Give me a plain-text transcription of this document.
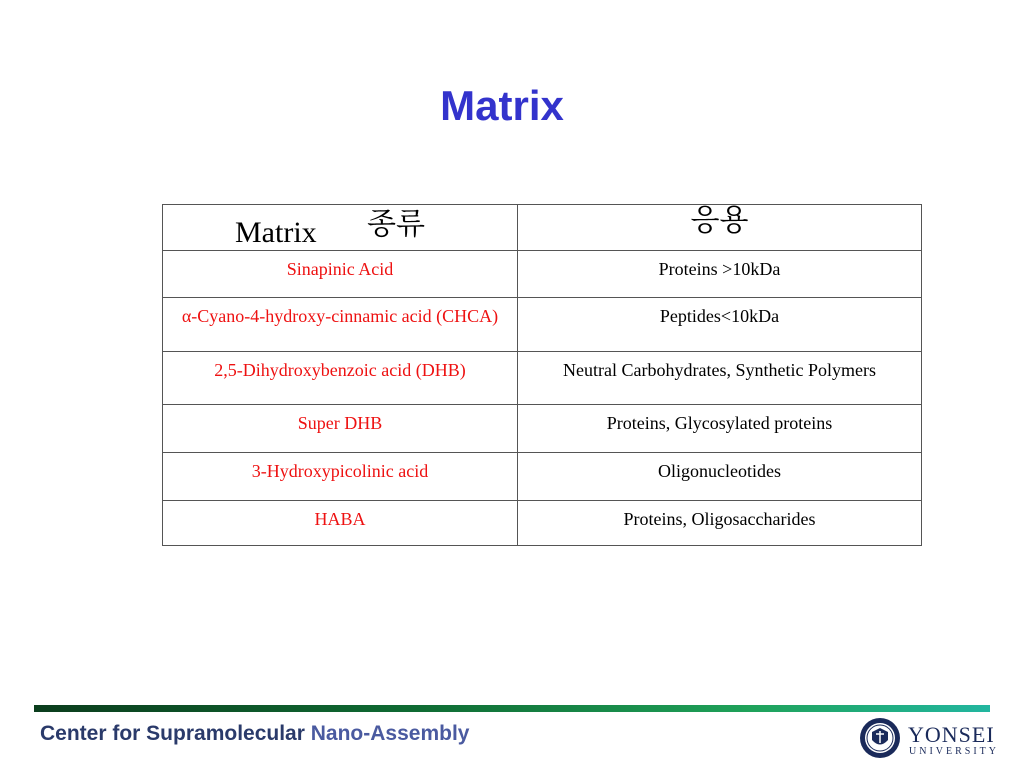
Matrix
Matrix 종류	응용
Sinapinic Acid	Proteins >10kDa
α-Cyano-4-hydroxy-cinnamic acid (CHCA)	Peptides<10kDa
2,5-Dihydroxybenzoic acid (DHB)	Neutral Carbohydrates, Synthetic Polymers
Super DHB	Proteins, Glycosylated proteins
3-Hydroxypicolinic acid	Oligonucleotides
HABA	Proteins, Oligosaccharides
Center for Supramolecular Nano-Assembly	YONSEI
UNIVERSITY
